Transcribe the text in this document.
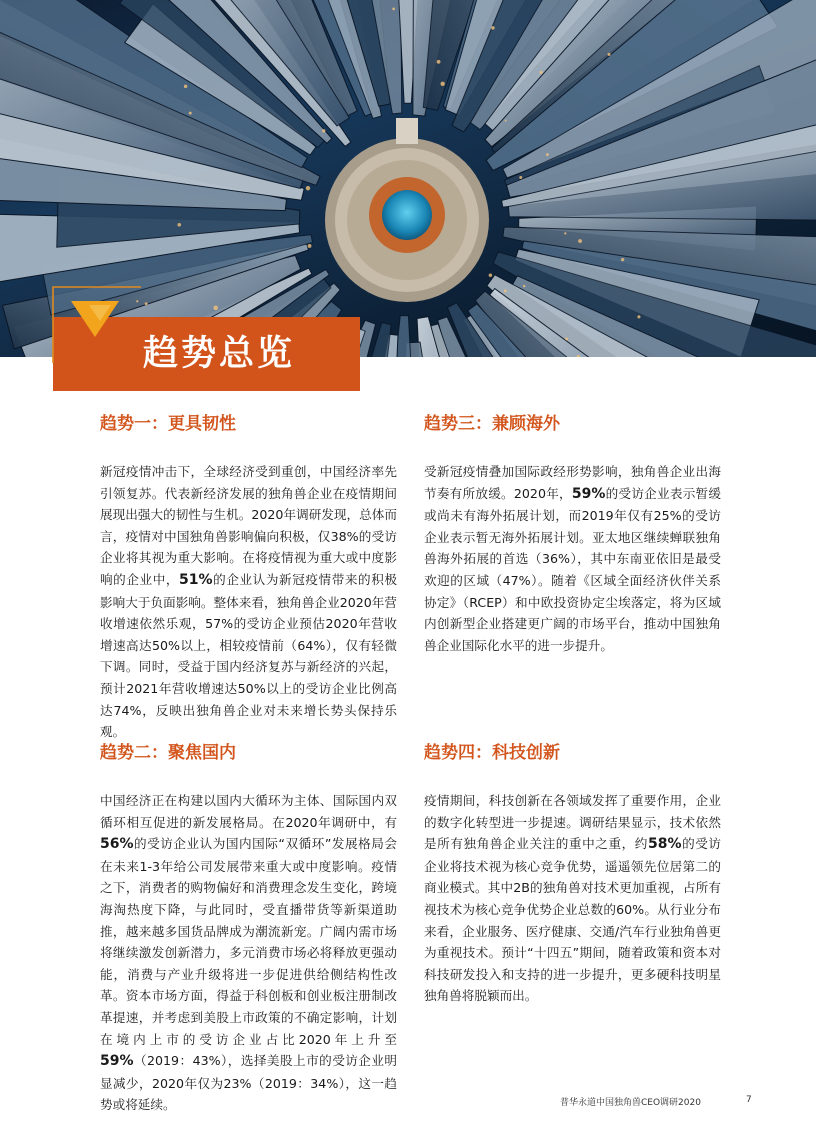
趋势总览
趋势一：更具韧性
新冠疫情冲击下，全球经济受到重创，中国经济率先引领复苏。代表新经济发展的独角兽企业在疫情期间展现出强大的韧性与生机。2020年调研发现，总体而言，疫情对中国独角兽影响偏向积极，仅38%的受访企业将其视为重大影响。在将疫情视为重大或中度影响的企业中，51%的企业认为新冠疫情带来的积极影响大于负面影响。整体来看，独角兽企业2020年营收增速依然乐观，57%的受访企业预估2020年营收增速高达50%以上，相较疫情前（64%），仅有轻微下调。同时，受益于国内经济复苏与新经济的兴起，预计2021年营收增速达50%以上的受访企业比例高达74%，反映出独角兽企业对未来增长势头保持乐观。
趋势二：聚焦国内
中国经济正在构建以国内大循环为主体、国际国内双循环相互促进的新发展格局。在2020年调研中，有56%的受访企业认为国内国际“双循环”发展格局会在未来1-3年给公司发展带来重大或中度影响。疫情之下，消费者的购物偏好和消费理念发生变化，跨境海淘热度下降，与此同时，受直播带货等新渠道助推，越来越多国货品牌成为潮流新宠。广阔内需市场将继续激发创新潜力，多元消费市场必将释放更强动能，消费与产业升级将进一步促进供给侧结构性改革。资本市场方面，得益于科创板和创业板注册制改革提速，并考虑到美股上市政策的不确定影响，计划在境内上市的受访企业占比2020年上升至59%（2019：43%），选择美股上市的受访企业明显减少，2020年仅为23%（2019：34%），这一趋势或将延续。
趋势三：兼顾海外
受新冠疫情叠加国际政经形势影响，独角兽企业出海节奏有所放缓。2020年，59%的受访企业表示暂缓或尚未有海外拓展计划，而2019年仅有25%的受访企业表示暂无海外拓展计划。亚太地区继续蝉联独角兽海外拓展的首选（36%），其中东南亚依旧是最受欢迎的区域（47%）。随着《区域全面经济伙伴关系协定》（RCEP）和中欧投资协定尘埃落定，将为区域内创新型企业搭建更广阔的市场平台，推动中国独角兽企业国际化水平的进一步提升。
趋势四：科技创新
疫情期间，科技创新在各领域发挥了重要作用，企业的数字化转型进一步提速。调研结果显示，技术依然是所有独角兽企业关注的重中之重，约58%的受访企业将技术视为核心竞争优势，遥遥领先位居第二的商业模式。其中2B的独角兽对技术更加重视，占所有视技术为核心竞争优势企业总数的60%。从行业分布来看，企业服务、医疗健康、交通/汽车行业独角兽更为重视技术。预计“十四五”期间，随着政策和资本对科技研发投入和支持的进一步提升，更多硬科技明星独角兽将脱颖而出。
普华永道中国独角兽CEO调研2020	7
